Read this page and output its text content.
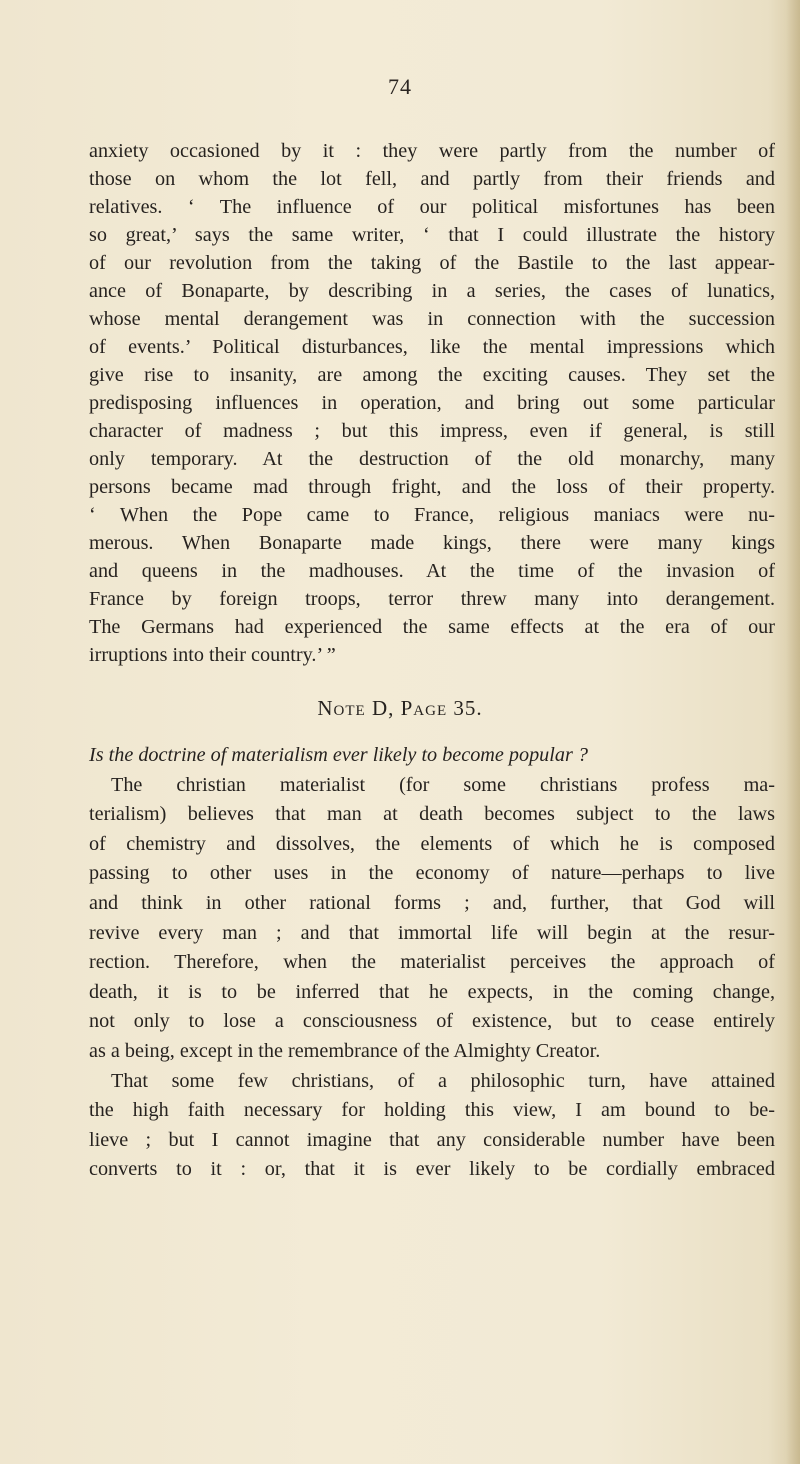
74
anxiety occasioned by it : they were partly from the number of
those on whom the lot fell, and partly from their friends and
relatives. ‘ The influence of our political misfortunes has been
so great,’ says the same writer, ‘ that I could illustrate the history
of our revolution from the taking of the Bastile to the last appear-
ance of Bonaparte, by describing in a series, the cases of lunatics,
whose mental derangement was in connection with the succession
of events.’ Political disturbances, like the mental impressions which
give rise to insanity, are among the exciting causes. They set the
predisposing influences in operation, and bring out some particular
character of madness ; but this impress, even if general, is still
only temporary. At the destruction of the old monarchy, many
persons became mad through fright, and the loss of their property.
‘ When the Pope came to France, religious maniacs were nu-
merous. When Bonaparte made kings, there were many kings
and queens in the madhouses. At the time of the invasion of
France by foreign troops, terror threw many into derangement.
The Germans had experienced the same effects at the era of our
irruptions into their country.’ ”
Note D, Page 35.
Is the doctrine of materialism ever likely to become popular ?
The christian materialist (for some christians profess ma-
terialism) believes that man at death becomes subject to the laws
of chemistry and dissolves, the elements of which he is composed
passing to other uses in the economy of nature—perhaps to live
and think in other rational forms ; and, further, that God will
revive every man ; and that immortal life will begin at the resur-
rection. Therefore, when the materialist perceives the approach of
death, it is to be inferred that he expects, in the coming change,
not only to lose a consciousness of existence, but to cease entirely
as a being, except in the remembrance of the Almighty Creator.
That some few christians, of a philosophic turn, have attained
the high faith necessary for holding this view, I am bound to be-
lieve ; but I cannot imagine that any considerable number have been
converts to it : or, that it is ever likely to be cordially embraced
